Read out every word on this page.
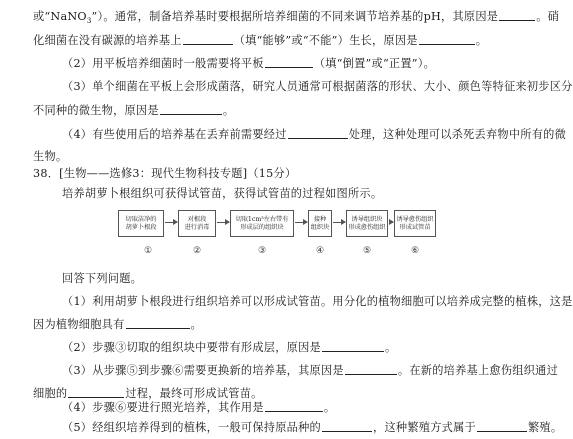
或“NaNO$_3$”）。通常，制备培养基时要根据所培养细菌的不同来调节培养基的pH，其原因是	。硝
化细菌在没有碳源的培养基上	（填“能够”或“不能”）生长，原因是	。
（2）用平板培养细菌时一般需要将平板	（填“倒置”或“正置”）。
（3）单个细菌在平板上会形成菌落，研究人员通常可根据菌落的形状、大小、颜色等特征来初步区分
不同种的微生物，原因是	。
（4）有些使用后的培养基在丢弃前需要经过	处理，这种处理可以杀死丢弃物中所有的微
生物。
38．[生物——选修3：现代生物科技专题]（15分）
培养胡萝卜根组织可获得试管苗，获得试管苗的过程如图所示。
切取洁净的
胡萝卜根段
对根段
进行消毒
切取1cm³左右带有
形成层的组织块
接种
组织块
诱导组织块
形成愈伤组织
诱导愈伤组织
形成试管苗
①	②	③	④	⑤	⑥
回答下列问题。
（1）利用胡萝卜根段进行组织培养可以形成试管苗。用分化的植物细胞可以培养成完整的植株，这是
因为植物细胞具有	。
（2）步骤③切取的组织块中要带有形成层，原因是	。
（3）从步骤⑤到步骤⑥需要更换新的培养基，其原因是	。在新的培养基上愈伤组织通过
细胞的	过程，最终可形成试管苗。
（4）步骤⑥要进行照光培养，其作用是	。
（5）经组织培养得到的植株，一般可保持原品种的	，这种繁殖方式属于	繁殖。
